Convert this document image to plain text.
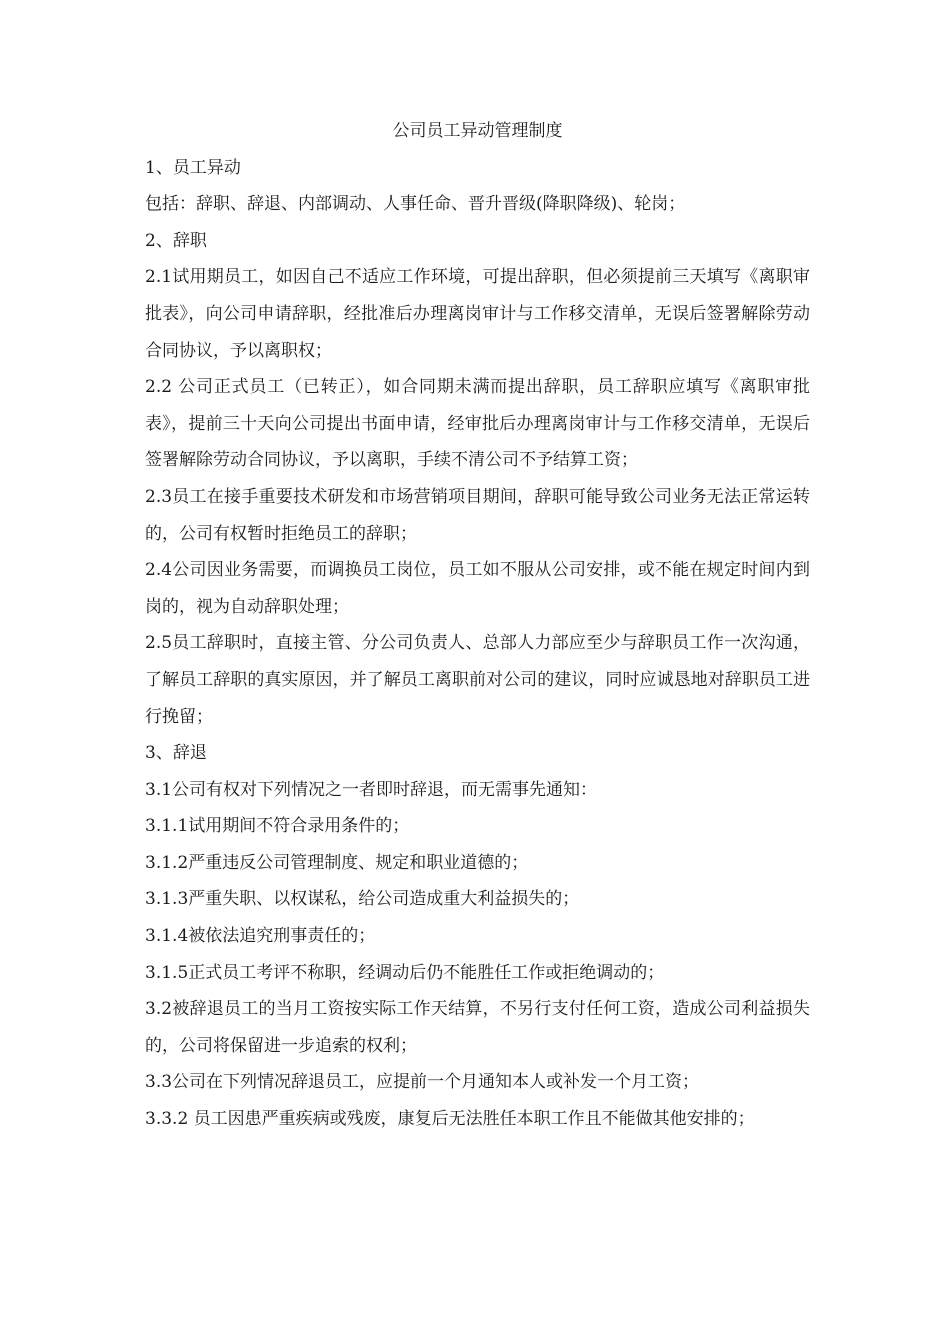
公司员工异动管理制度

1、员工异动

包括：辞职、辞退、内部调动、人事任命、晋升晋级(降职降级)、轮岗；

2、辞职

2.1试用期员工，如因自己不适应工作环境，可提出辞职，但必须提前三天填写《离职审批表》，向公司申请辞职，经批准后办理离岗审计与工作移交清单，无误后签署解除劳动合同协议，予以离职权；

2.2 公司正式员工（已转正），如合同期未满而提出辞职，员工辞职应填写《离职审批表》，提前三十天向公司提出书面申请，经审批后办理离岗审计与工作移交清单，无误后签署解除劳动合同协议，予以离职，手续不清公司不予结算工资；

2.3员工在接手重要技术研发和市场营销项目期间，辞职可能导致公司业务无法正常运转的，公司有权暂时拒绝员工的辞职；

2.4公司因业务需要，而调换员工岗位，员工如不服从公司安排，或不能在规定时间内到岗的，视为自动辞职处理；

2.5员工辞职时，直接主管、分公司负责人、总部人力部应至少与辞职员工作一次沟通，了解员工辞职的真实原因，并了解员工离职前对公司的建议，同时应诚恳地对辞职员工进行挽留；

3、辞退

3.1公司有权对下列情况之一者即时辞退，而无需事先通知：

3.1.1试用期间不符合录用条件的；

3.1.2严重违反公司管理制度、规定和职业道德的；

3.1.3严重失职、以权谋私，给公司造成重大利益损失的；

3.1.4被依法追究刑事责任的；

3.1.5正式员工考评不称职，经调动后仍不能胜任工作或拒绝调动的；

3.2被辞退员工的当月工资按实际工作天结算，不另行支付任何工资，造成公司利益损失的，公司将保留进一步追索的权利；

3.3公司在下列情况辞退员工，应提前一个月通知本人或补发一个月工资；

3.3.2 员工因患严重疾病或残废，康复后无法胜任本职工作且不能做其他安排的；
